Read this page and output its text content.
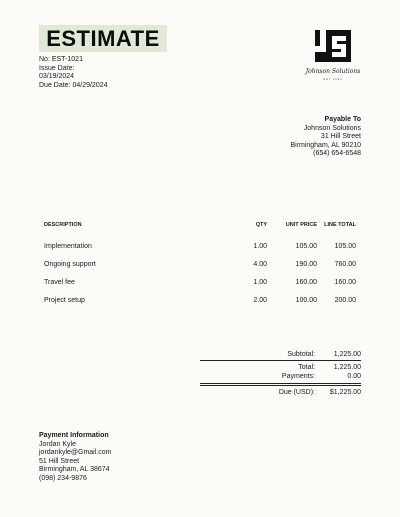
ESTIMATE
No: EST-1021
Issue Date:
03/19/2024
Due Date: 04/29/2024
Johnson Solutions
EST 2024
Payable To
Johnson Solutions
31 Hill Street
Birmingham, AL 90210
(654) 654-6548
DESCRIPTION	QTY	UNIT PRICE	LINE TOTAL
Implementation	1.00	105.00	105.00
Ongoing support	4.00	190.00	760.00
Travel fee	1.00	160.00	160.00
Project setup	2.00	100.00	200.00
Subtotal:	1,225.00
Total:	1,225.00
Payments:	0.00
Due (USD):	$1,225.00
Payment Information
Jordan Kyle
jordankyle@Gmail.com
51 Hill Street
Birmingham, AL 38674
(098) 234-9876
